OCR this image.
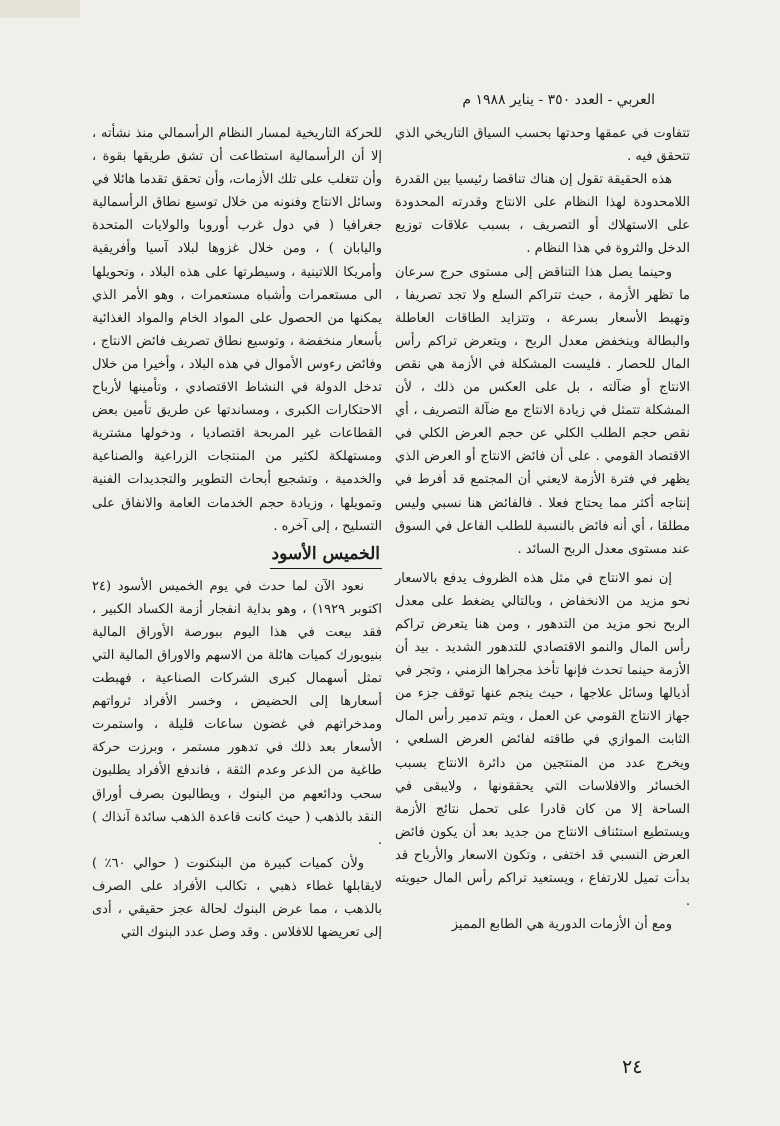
العربي - العدد ٣٥٠ - يناير ١٩٨٨ م

تتفاوت في عمقها وحدتها بحسب السياق التاريخي الذي تتحقق فيه .

هذه الحقيقة تقول إن هناك تناقضا رئيسيا بين القدرة اللامحدودة لهذا النظام على الانتاج وقدرته المحدودة على الاستهلاك أو التصريف ، بسبب علاقات توزيع الدخل والثروة في هذا النظام .

وحينما يصل هذا التناقض إلى مستوى حرج سرعان ما تظهر الأزمة ، حيث تتراكم السلع ولا تجد تصريفا ، وتهبط الأسعار بسرعة ، وتتزايد الطاقات العاطلة والبطالة وينخفض معدل الربح ، ويتعرض تراكم رأس المال للحصار . فليست المشكلة في الأزمة هي نقص الانتاج أو ضآلته ، بل على العكس من ذلك ، لأن المشكلة تتمثل في زيادة الانتاج مع ضآلة التصريف ، أي نقص حجم الطلب الكلي عن حجم العرض الكلي في الاقتصاد القومي . على أن فائض الانتاج أو العرض الذي يظهر في فترة الأزمة لايعني أن المجتمع قد أفرط في إنتاجه أكثر مما يحتاج فعلا . فالفائض هنا نسبي وليس مطلقا ، أي أنه فائض بالنسبة للطلب الفاعل في السوق عند مستوى معدل الربح السائد .

إن نمو الانتاج في مثل هذه الظروف يدفع بالاسعار نحو مزيد من الانخفاض ، وبالتالي يضغط على معدل الربح نحو مزيد من التدهور ، ومن هنا يتعرض تراكم رأس المال والنمو الاقتصادي للتدهور الشديد . بيد أن الأزمة حينما تحدث فإنها تأخذ مجراها الزمني ، وتجر في أذيالها وسائل علاجها ، حيث ينجم عنها توقف جزء من جهاز الانتاج القومي عن العمل ، ويتم تدمير رأس المال الثابت الموازي في طاقته لفائض العرض السلعي ، ويخرج عدد من المنتجين من دائرة الانتاج بسبب الخسائر والافلاسات التي يحققونها ، ولايبقى في الساحة إلا من كان قادرا على تحمل نتائج الأزمة ويستطيع استئناف الانتاج من جديد بعد أن يكون فائض العرض النسبي قد اختفى ، وتكون الاسعار والأرباح قد بدأت تميل للارتفاع ، ويستعيد تراكم رأس المال حيويته .

ومع أن الأزمات الدورية هي الطابع المميز

للحركة التاريخية لمسار النظام الرأسمالي منذ نشأته ، إلا أن الرأسمالية استطاعت أن تشق طريقها بقوة ، وأن تتغلب على تلك الأزمات، وأن تحقق تقدما هائلا في وسائل الانتاج وفنونه من خلال توسيع نطاق الرأسمالية جغرافيا ( في دول غرب أوروبا والولايات المتحدة واليابان ) ، ومن خلال غزوها لبلاد آسيا وأفريقية وأمريكا اللاتينية ، وسيطرتها على هذه البلاد ، وتحويلها الى مستعمرات وأشباه مستعمرات ، وهو الأمر الذي يمكنها من الحصول على المواد الخام والمواد الغذائية بأسعار منخفضة ، وتوسيع نطاق تصريف فائض الانتاج ، وفائض رءوس الأموال في هذه البلاد ، وأخيرا من خلال تدخل الدولة في النشاط الاقتصادي ، وتأمينها لأرباح الاحتكارات الكبرى ، ومساندتها عن طريق تأمين بعض القطاعات غير المربحة اقتصاديا ، ودخولها مشترية ومستهلكة لكثير من المنتجات الزراعية والصناعية والخدمية ، وتشجيع أبحاث التطوير والتجديدات الفنية وتمويلها ، وزيادة حجم الخدمات العامة والانفاق على التسليح ، إلى آخره .

الخميس الأسود

نعود الآن لما حدث في يوم الخميس الأسود (٢٤ اكتوبر ١٩٢٩) ، وهو بداية انفجار أزمة الكساد الكبير ، فقد بيعت في هذا اليوم ببورصة الأوراق المالية بنيويورك كميات هائلة من الاسهم والاوراق المالية التي تمثل أسهمال كبرى الشركات الصناعية ، فهبطت أسعارها إلى الحضيض ، وخسر الأفراد ثرواتهم ومدخراتهم في غضون ساعات قليلة ، واستمرت الأسعار بعد ذلك في تدهور مستمر ، وبرزت حركة طاغية من الذعر وعدم الثقة ، فاندفع الأفراد يطلبون سحب ودائعهم من البنوك ، ويطالبون بصرف أوراق النقد بالذهب ( حيث كانت قاعدة الذهب سائدة آنذاك ) .

ولأن كميات كبيرة من البنكنوت ( حوالي ٦٠٪ ) لايقابلها غطاء ذهبي ، تكالب الأفراد على الصرف بالذهب ، مما عرض البنوك لحالة عجز حقيقي ، أدى إلى تعريضها للافلاس . وقد وصل عدد البنوك التي

٢٤
